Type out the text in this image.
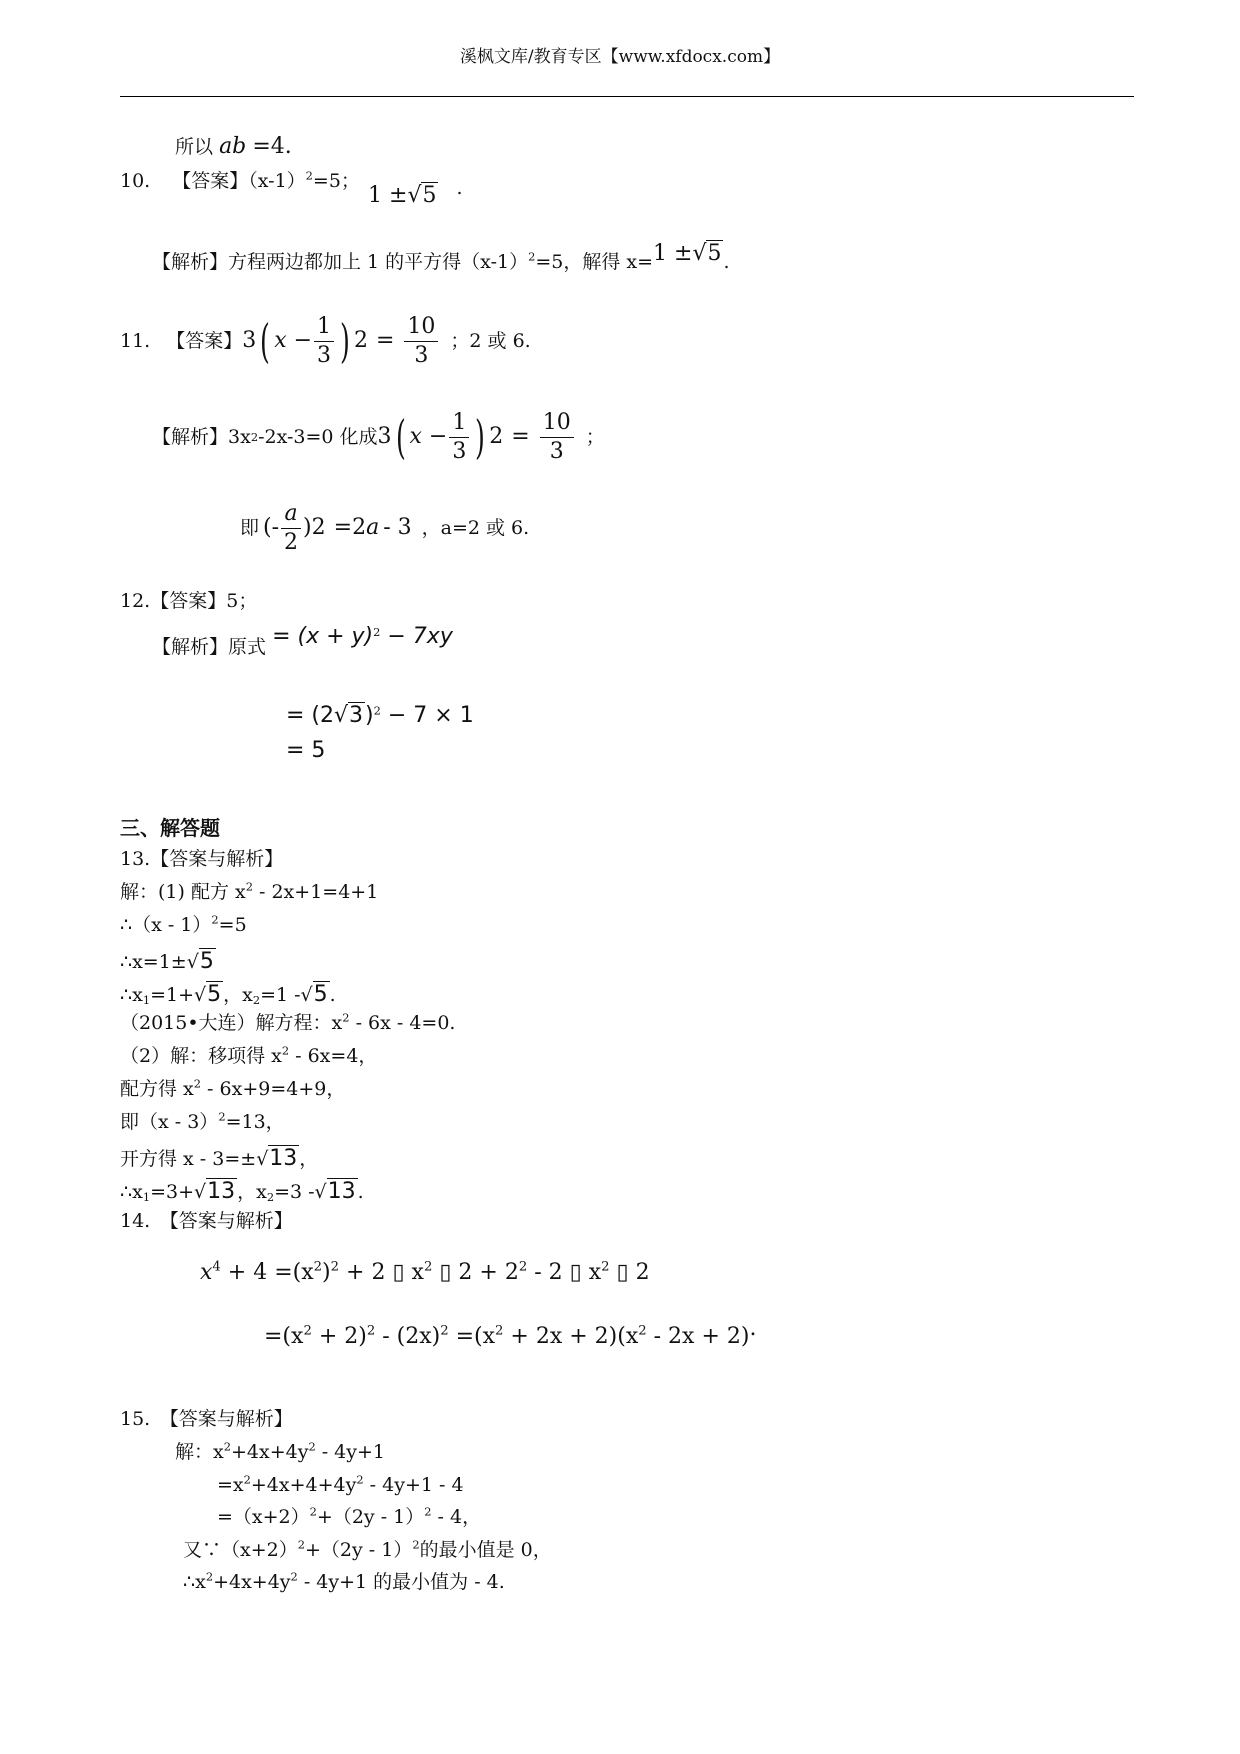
溪枫文库/教育专区【www.xfdocx.com】
所以 ab =4.
10. 【答案】$(x-1)^2=5$；
1 ±√5 .
【解析】方程两边都加上 1 的平方得$(x-1)^2=5$，解得 x=1 ±√5 .
11. 【答案】 3 ( $x - \frac{1}{3}$ ) $2 = \frac{10}{3}$ ；2 或 6.
【解析】 3x 2 -2x-3=0 化成 3 ( $x - \frac{1}{3}$ ) $2 = \frac{10}{3}$ ；
即 (- $\frac{a}{2}$ ) 2 =2 a - 3 ，a=2 或 6.
12.【答案】5；
【解析】原式 = $(x + y)^2 - 7xy$
= $(2√3)^2 - 7 \times 1$
= 5
三、解答题
13.【答案与解析】
解：(1) 配方 $x^2 - 2x+1=4+1$
∴（x - 1）$^2$=5
∴x=1±√5
$\therefore x_1=1+√5$ ，$x_2=1$ -√5 .
（2015•大连）解方程：$x^2 - 6x - 4=0$.
（2）解：移项得 $x^2 - 6x=4$，
配方得 $x^2 - 6x+9=4+9$，
即（x - 3）$^2$=13，
开方得 x - 3=±√13 ，
$\therefore x_1=3+√13$ ，$x_2=3$ -√13 .
14.　【答案与解析】
$x^4 + 4 =(x^2)^2 + 2$ ▯ $x^2$ ▯ $2 + 2^2 - 2$ ▯ $x^2$ ▯ 2
$=(x^2 + 2)^2 - (2x)^2 =(x^2 + 2x + 2)(x^2 - 2x + 2)$.
15.　【答案与解析】
解：$x^2+4x+4y^2 - 4y+1$
$=x^2+4x+4+4y^2 - 4y+1 - 4$
$=(x+2)^2+(2y - 1)^2 - 4$，
又$\because(x+2)^2+(2y - 1)^2$的最小值是 0，
$\therefore x^2+4x+4y^2 - 4y+1$ 的最小值为 - 4.
